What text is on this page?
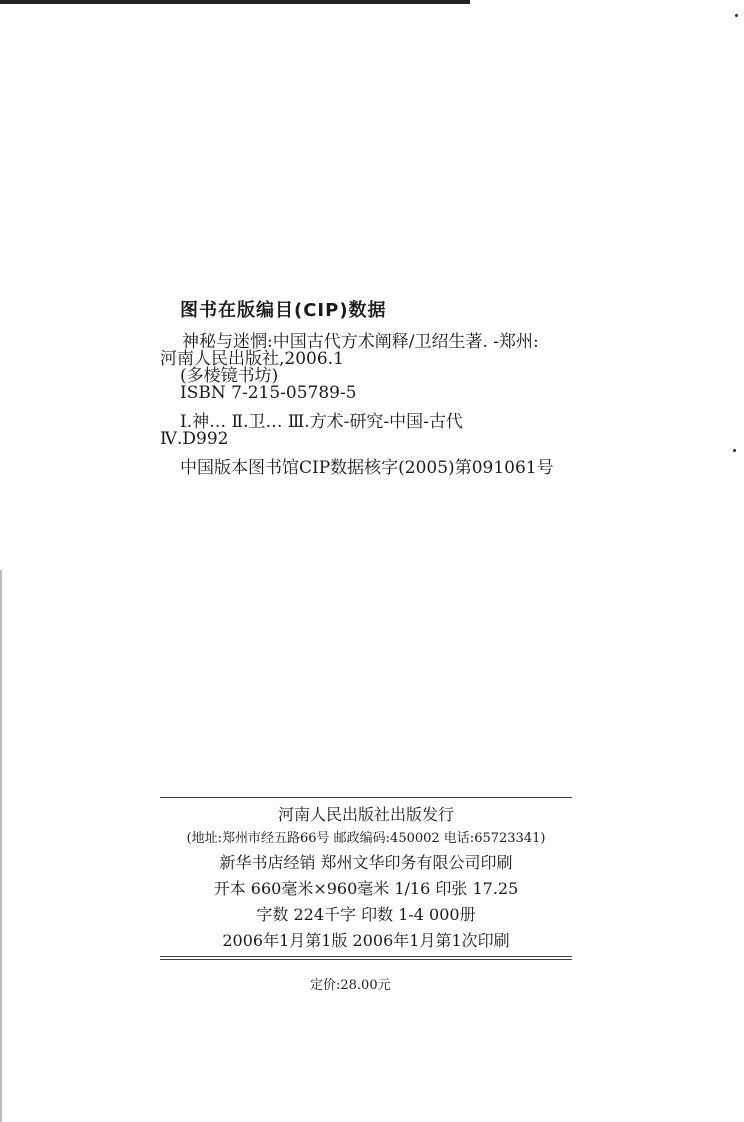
图书在版编目(CIP)数据
神秘与迷惘:中国古代方术阐释/卫绍生著. -郑州:
河南人民出版社,2006.1
(多棱镜书坊)
ISBN 7-215-05789-5
Ⅰ.神… Ⅱ.卫… Ⅲ.方术-研究-中国-古代
Ⅳ.D992
中国版本图书馆CIP数据核字(2005)第091061号
河南人民出版社出版发行
(地址:郑州市经五路66号 邮政编码:450002 电话:65723341)
新华书店经销 郑州文华印务有限公司印刷
开本 660毫米×960毫米 1/16 印张 17.25
字数 224千字 印数 1-4 000册
2006年1月第1版 2006年1月第1次印刷
定价:28.00元
